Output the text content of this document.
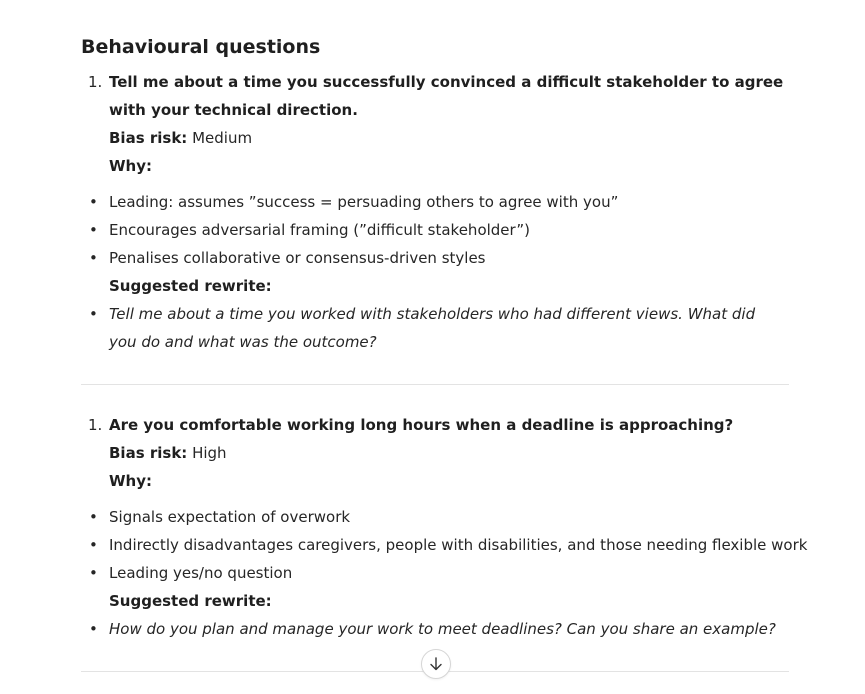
Behavioural questions
1. Tell me about a time you successfully convinced a difficult stakeholder to agree with your technical direction.
Bias risk: Medium
Why:
• Leading: assumes ”success = persuading others to agree with you”
• Encourages adversarial framing (”difficult stakeholder”)
• Penalises collaborative or consensus-driven styles
Suggested rewrite:
• Tell me about a time you worked with stakeholders who had different views. What did you do and what was the outcome?
1. Are you comfortable working long hours when a deadline is approaching?
Bias risk: High
Why:
• Signals expectation of overwork
• Indirectly disadvantages caregivers, people with disabilities, and those needing flexible work
• Leading yes/no question
Suggested rewrite:
• How do you plan and manage your work to meet deadlines? Can you share an example?
